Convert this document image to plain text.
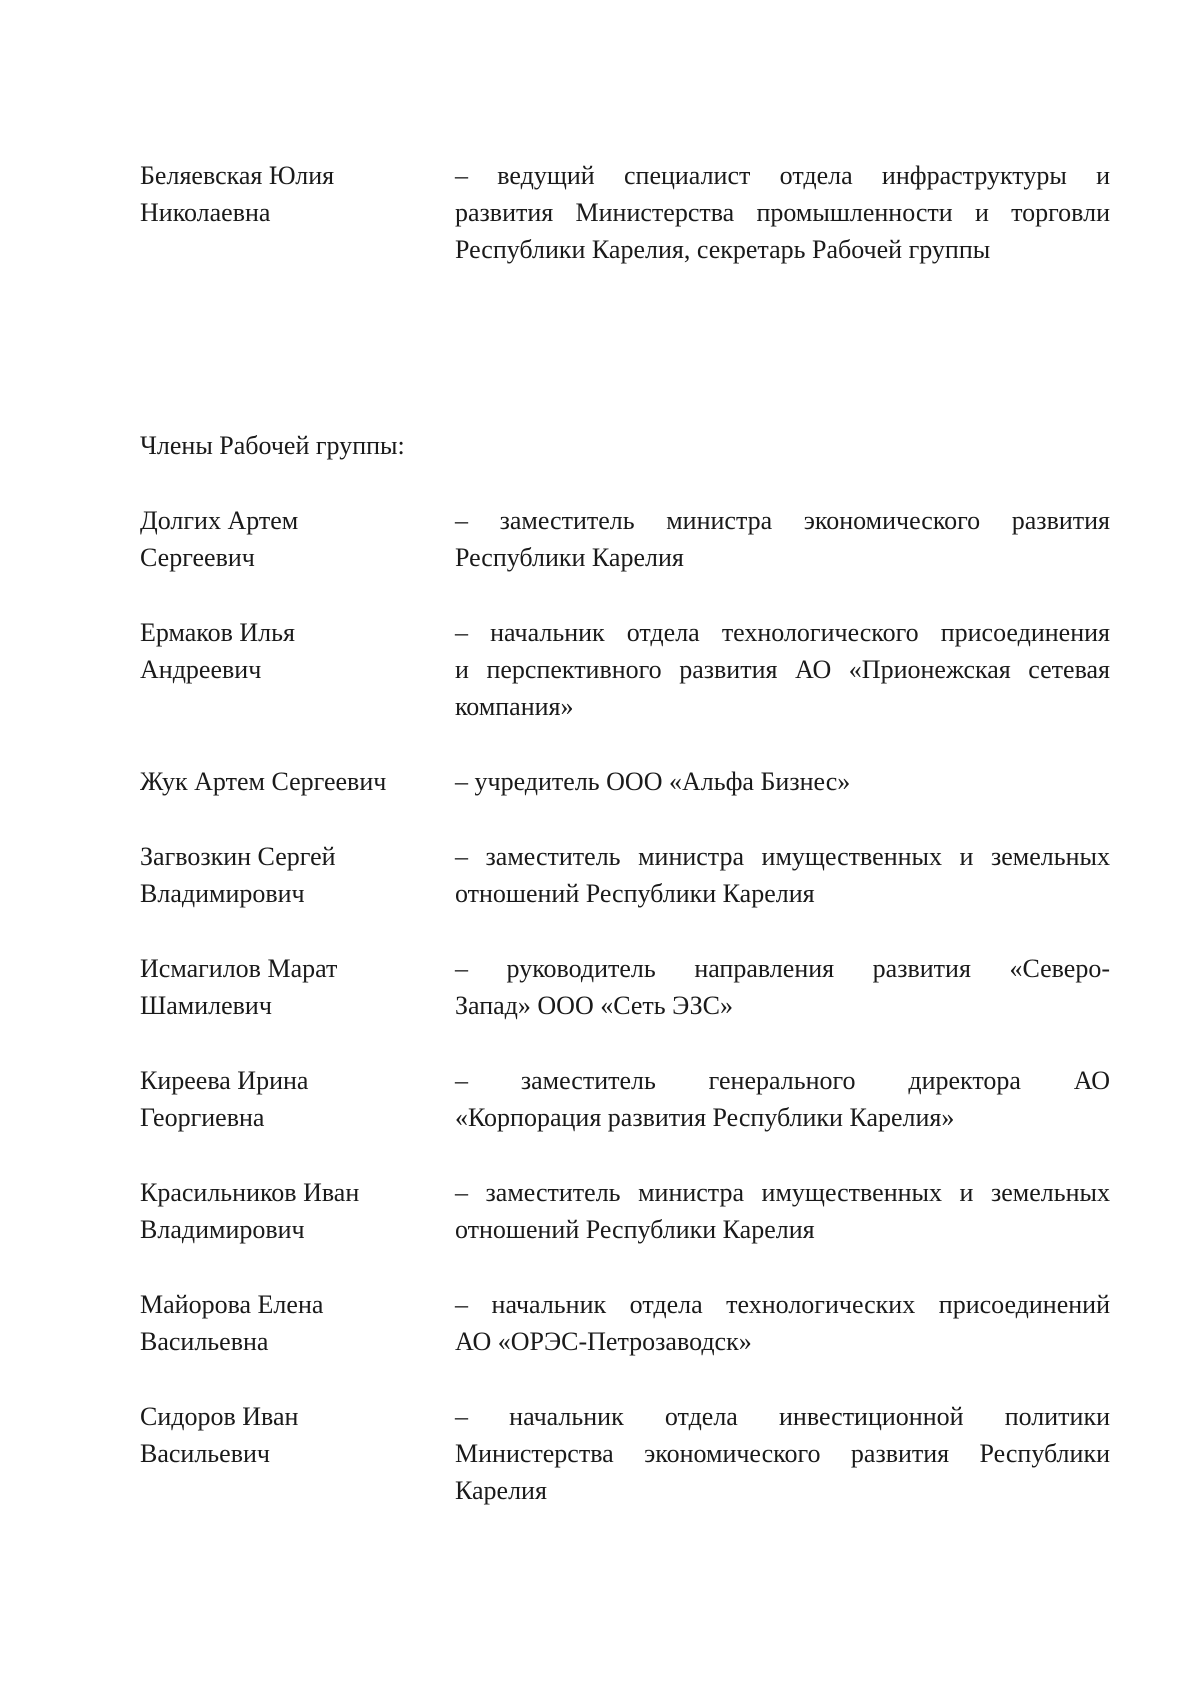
Беляевская Юлия
Николаевна
– ведущий специалист отдела инфраструктуры и
развития Министерства промышленности и торговли
Республики Карелия, секретарь Рабочей группы
Члены Рабочей группы:
Долгих Артем
Сергеевич
– заместитель министра экономического развития
Республики Карелия
Ермаков Илья
Андреевич
– начальник отдела технологического присоединения
и перспективного развития АО «Прионежская сетевая
компания»
Жук Артем Сергеевич	– учредитель ООО «Альфа Бизнес»
Загвозкин Сергей
Владимирович
– заместитель министра имущественных и земельных
отношений Республики Карелия
Исмагилов Марат
Шамилевич
– руководитель направления развития «Северо-
Запад» ООО «Сеть ЭЗС»
Киреева Ирина
Георгиевна
– заместитель генерального директора АО
«Корпорация развития Республики Карелия»
Красильников Иван
Владимирович
– заместитель министра имущественных и земельных
отношений Республики Карелия
Майорова Елена
Васильевна
– начальник отдела технологических присоединений
АО «ОРЭС-Петрозаводск»
Сидоров Иван
Васильевич
– начальник отдела инвестиционной политики
Министерства экономического развития Республики
Карелия
